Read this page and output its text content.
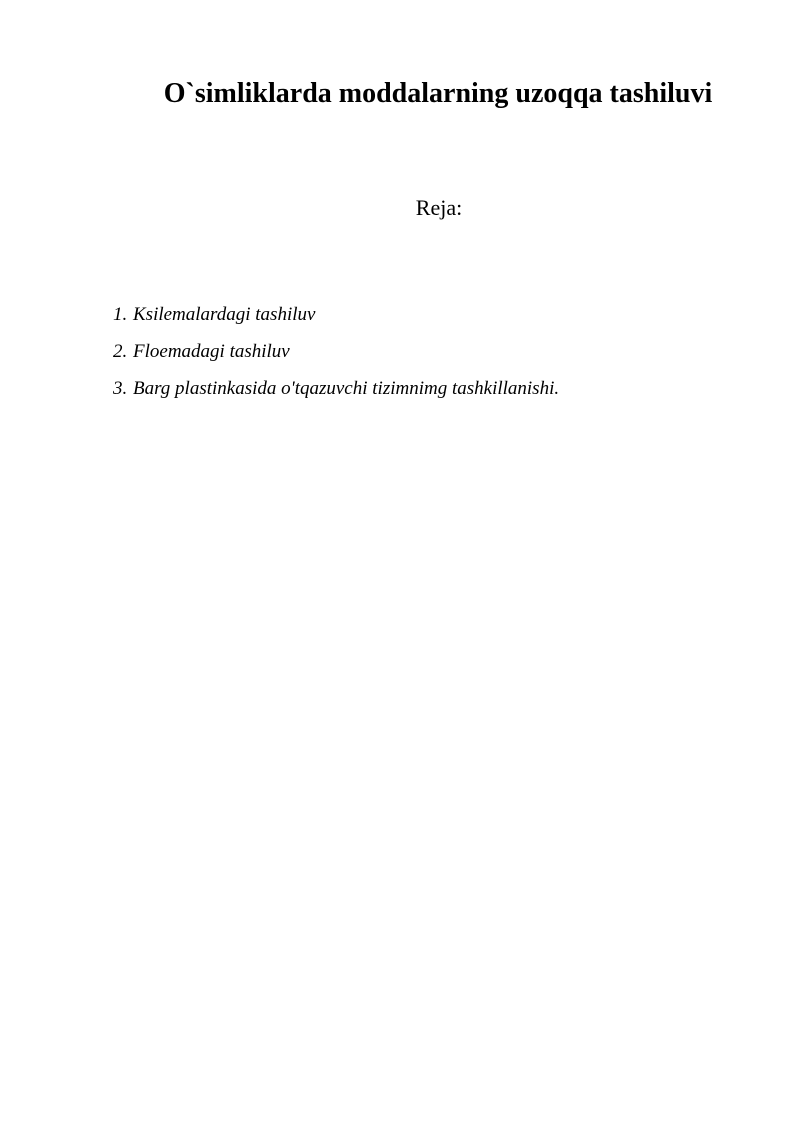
O`simliklarda moddalarning uzoqqa tashiluvi

Reja:

1. Ksilemalardagi tashiluv
2. Floemadagi tashiluv
3. Barg plastinkasida o'tqazuvchi tizimnimg tashkillanishi.
